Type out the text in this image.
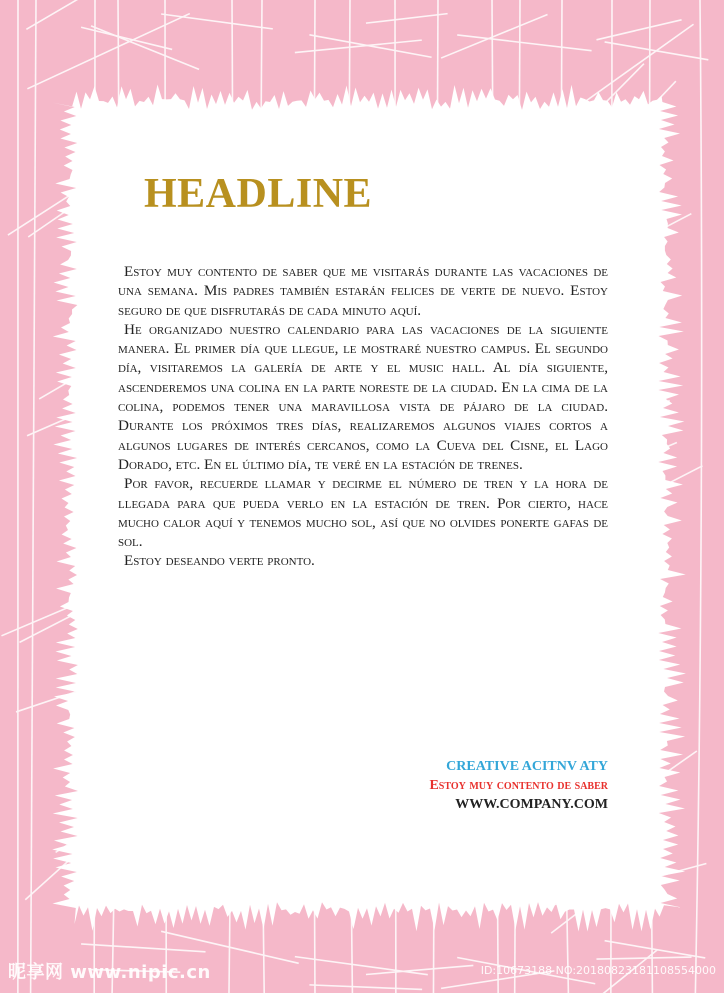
HEADLINE

Estoy muy contento de saber que me visitarás durante las vacaciones de una semana. Mis padres también estarán felices de verte de nuevo. Estoy seguro de que disfrutarás de cada minuto aquí.

He organizado nuestro calendario para las vacaciones de la siguiente manera. El primer día que llegue, le mostraré nuestro campus. El segundo día, visitaremos la galería de arte y el music hall. Al día siguiente, ascenderemos una colina en la parte noreste de la ciudad. En la cima de la colina, podemos tener una maravillosa vista de pájaro de la ciudad. Durante los próximos tres días, realizaremos algunos viajes cortos a algunos lugares de interés cercanos, como la Cueva del Cisne, el Lago Dorado, etc. En el último día, te veré en la estación de trenes.

Por favor, recuerde llamar y decirme el número de tren y la hora de llegada para que pueda verlo en la estación de tren. Por cierto, hace mucho calor aquí y tenemos mucho sol, así que no olvides ponerte gafas de sol.

Estoy deseando verte pronto.

CREATIVE ACITNV ATY
Estoy muy contento de saber
WWW.COMPANY.COM
昵享网 www.nipic.cn	ID:10673188 NO:20180823181108554000
